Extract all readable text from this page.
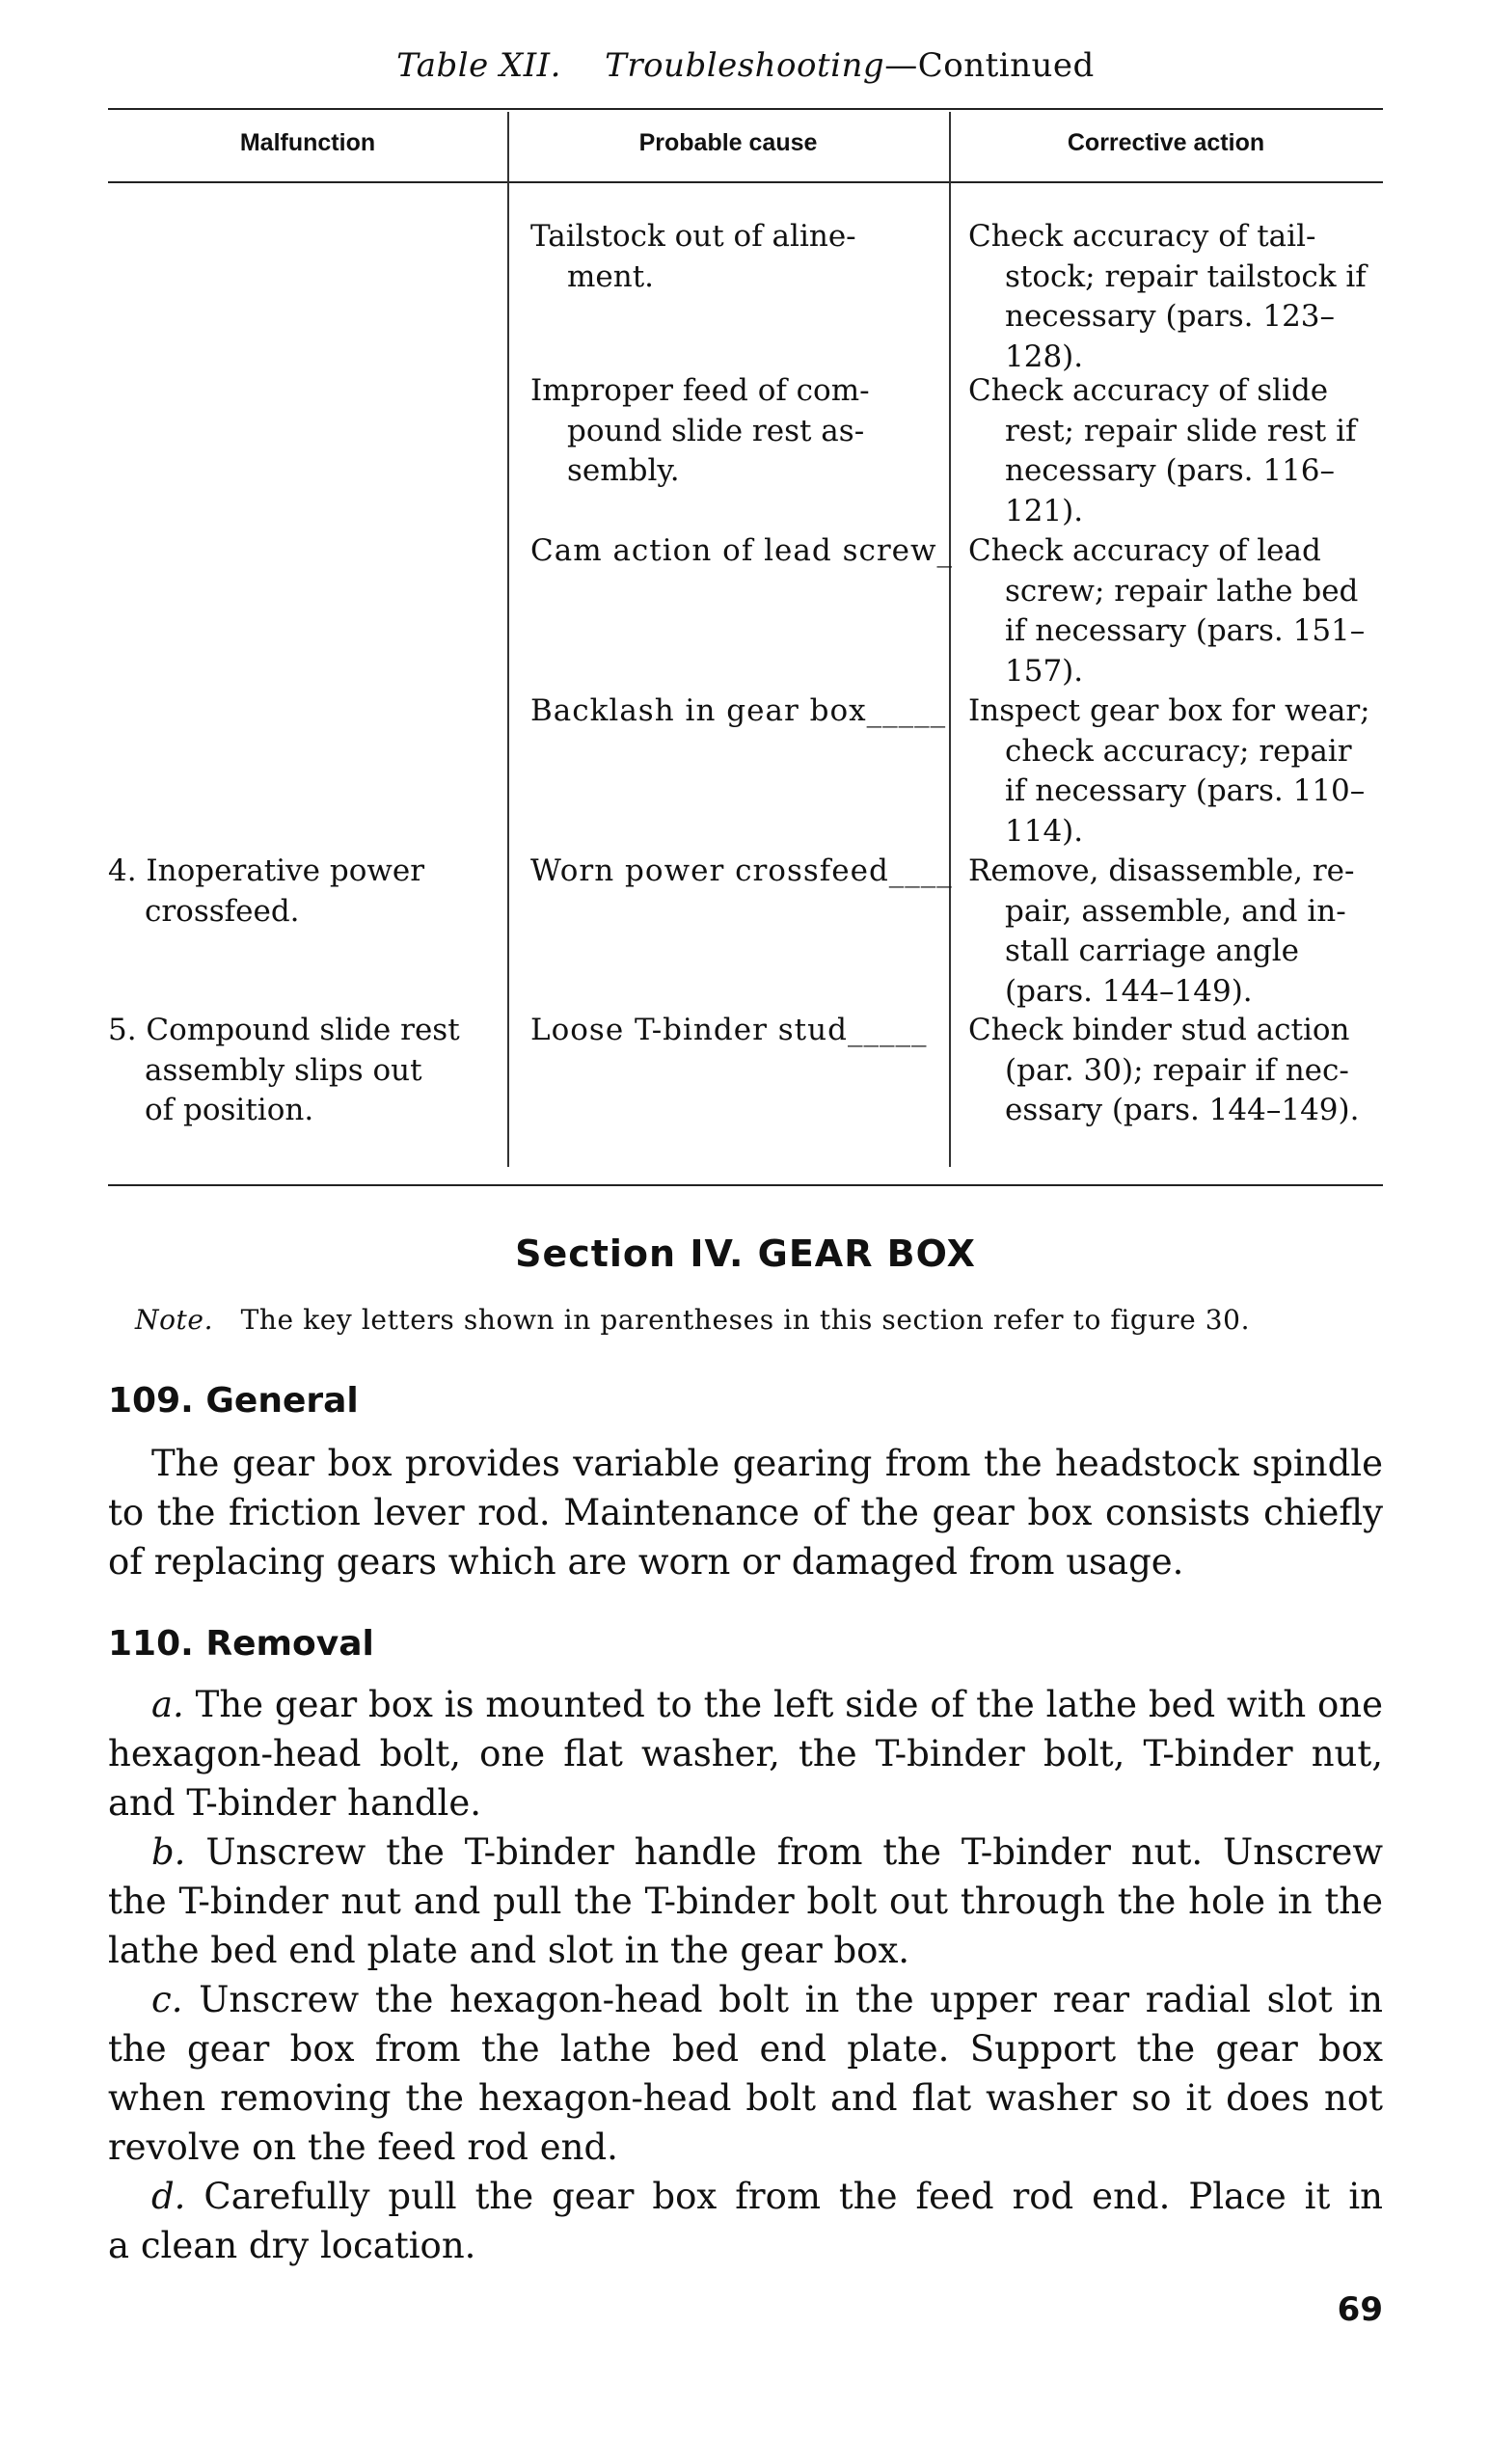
Table XII. Troubleshooting—Continued
Malfunction	Probable cause	Corrective action
4. Inoperative power
crossfeed.
5. Compound slide rest
assembly slips out
of position.
Tailstock out of aline-
ment.
Improper feed of com-
pound slide rest as-
sembly.
Cam action of lead screw_
Backlash in gear box_____
Worn power crossfeed____
Loose T-binder stud_____
Check accuracy of tail-
stock; repair tailstock if
necessary (pars. 123–
128).
Check accuracy of slide
rest; repair slide rest if
necessary (pars. 116–
121).
Check accuracy of lead
screw; repair lathe bed
if necessary (pars. 151–
157).
Inspect gear box for wear;
check accuracy; repair
if necessary (pars. 110–
114).
Remove, disassemble, re-
pair, assemble, and in-
stall carriage angle
(pars. 144–149).
Check binder stud action
(par. 30); repair if nec-
essary (pars. 144–149).
Section IV. GEAR BOX
Note. The key letters shown in parentheses in this section refer to figure 30.
109. General
The gear box provides variable gearing from the headstock spindle
to the friction lever rod. Maintenance of the gear box consists chiefly
of replacing gears which are worn or damaged from usage.
110. Removal
a. The gear box is mounted to the left side of the lathe bed with one
hexagon-head bolt, one flat washer, the T-binder bolt, T-binder nut,
and T-binder handle.
b. Unscrew the T-binder handle from the T-binder nut. Unscrew
the T-binder nut and pull the T-binder bolt out through the hole in the
lathe bed end plate and slot in the gear box.
c. Unscrew the hexagon-head bolt in the upper rear radial slot in
the gear box from the lathe bed end plate. Support the gear box
when removing the hexagon-head bolt and flat washer so it does not
revolve on the feed rod end.
d. Carefully pull the gear box from the feed rod end. Place it in
a clean dry location.
69
